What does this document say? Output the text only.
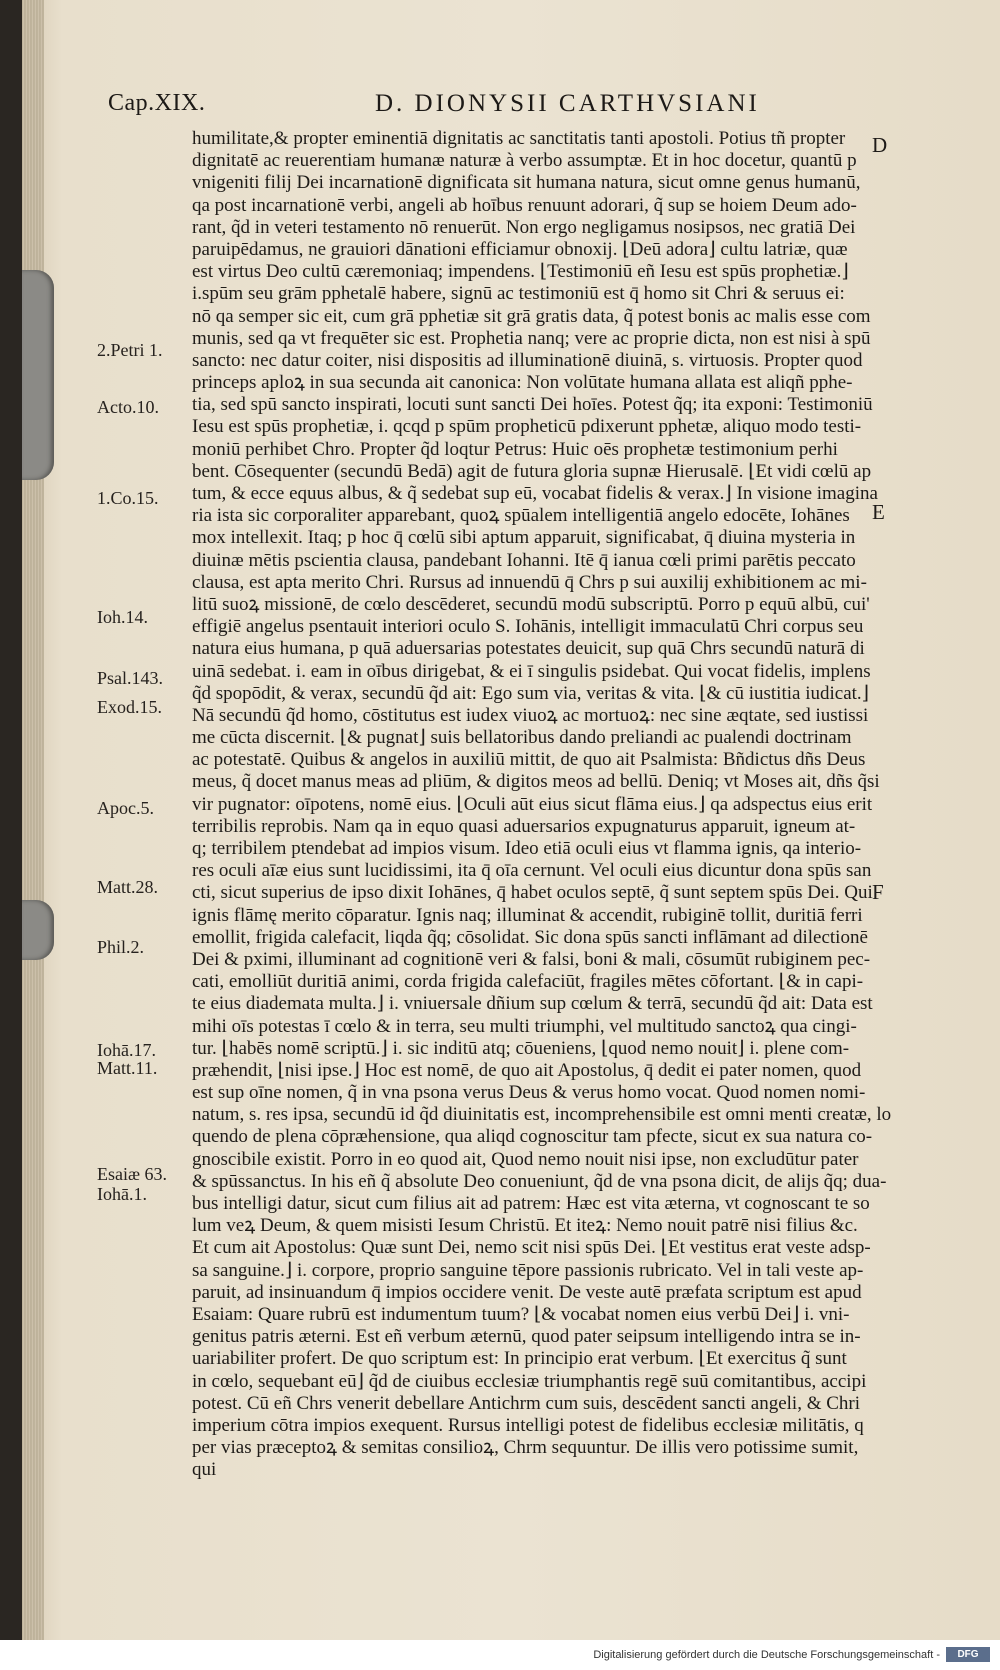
Cap.XIX.	D. DIONYSII CARTHVSIANI
humilitate,& propter eminentiā dignitatis ac sanctitatis tanti apostoli. Potius tñ propter
dignitatē ac reuerentiam humanæ naturæ à verbo assumptæ. Et in hoc docetur, quantū p
vnigeniti filij Dei incarnationē dignificata sit humana natura, sicut omne genus humanū,
qa post incarnationē verbi, angeli ab hoībus renuunt adorari, q̃ sup se hoiem Deum ado-
rant, q̃d in veteri testamento nō renuerūt. Non ergo negligamus nosipsos, nec gratiā Dei
paruipēdamus, ne grauiori dānationi efficiamur obnoxij. ⌊Deū adora⌋ cultu latriæ, quæ
est virtus Deo cultū cæremoniaq; impendens. ⌊Testimoniū eñ Iesu est spūs prophetiæ.⌋
i.spūm seu grām pphetalē habere, signū ac testimoniū est q̄ homo sit Chri & seruus ei:
nō qa semper sic eit, cum grā pphetiæ sit grā gratis data, q̃ potest bonis ac malis esse com
munis, sed qa vt frequēter sic est. Prophetia nanq; vere ac proprie dicta, non est nisi à spū
sancto: nec datur coiter, nisi dispositis ad illuminationē diuinā, s. virtuosis. Propter quod
princeps aploꝝ in sua secunda ait canonica: Non volūtate humana allata est aliqñ pphe-
tia, sed spū sancto inspirati, locuti sunt sancti Dei hoīes. Potest q̃q; ita exponi: Testimoniū
Iesu est spūs prophetiæ, i. qcqd p spūm propheticū pdixerunt pphetæ, aliquo modo testi-
moniū perhibet Chro. Propter q̃d loqtur Petrus: Huic oēs prophetæ testimonium perhi
bent. Cōsequenter (secundū Bedā) agit de futura gloria supnæ Hierusalē. ⌊Et vidi cœlū ap
tum, & ecce equus albus, & q̃ sedebat sup eū, vocabat fidelis & verax.⌋ In visione imagina
ria ista sic corporaliter apparebant, quoꝝ spūalem intelligentiā angelo edocēte, Iohānes
mox intellexit. Itaq; p hoc q̄ cœlū sibi aptum apparuit, significabat, q̄ diuina mysteria in
diuinæ mētis pscientia clausa, pandebant Iohanni. Itē q̄ ianua cœli primi parētis peccato
clausa, est apta merito Chri. Rursus ad innuendū q̄ Chrs p sui auxilij exhibitionem ac mi-
litū suoꝝ missionē, de cœlo descēderet, secundū modū subscriptū. Porro p equū albū, cui'
effigiē angelus psentauit interiori oculo S. Iohānis, intelligit immaculatū Chri corpus seu
natura eius humana, p quā aduersarias potestates deuicit, sup quā Chrs secundū naturā di
uinā sedebat. i. eam in oībus dirigebat, & ei ī singulis psidebat. Qui vocat fidelis, implens
q̃d spopōdit, & verax, secundū q̃d ait: Ego sum via, veritas & vita. ⌊& cū iustitia iudicat.⌋
Nā secundū q̃d homo, cōstitutus est iudex viuoꝝ ac mortuoꝝ: nec sine æqtate, sed iustissi
me cūcta discernit. ⌊& pugnat⌋ suis bellatoribus dando preliandi ac pualendi doctrinam
ac potestatē. Quibus & angelos in auxiliū mittit, de quo ait Psalmista: Bñdictus dñs Deus
meus, q̃ docet manus meas ad pliūm, & digitos meos ad bellū. Deniq; vt Moses ait, dñs q̃si
vir pugnator: oīpotens, nomē eius. ⌊Oculi aūt eius sicut flāma eius.⌋ qa adspectus eius erit
terribilis reprobis. Nam qa in equo quasi aduersarios expugnaturus apparuit, igneum at-
q; terribilem ptendebat ad impios visum. Ideo etiā oculi eius vt flamma ignis, qa interio-
res oculi aīæ eius sunt lucidissimi, ita q̄ oīa cernunt. Vel oculi eius dicuntur dona spūs san
cti, sicut superius de ipso dixit Iohānes, q̄ habet oculos septē, q̃ sunt septem spūs Dei. Qui
ignis flāmę merito cōparatur. Ignis naq; illuminat & accendit, rubiginē tollit, duritiā ferri
emollit, frigida calefacit, liqda q̃q; cōsolidat. Sic dona spūs sancti inflāmant ad dilectionē
Dei & pximi, illuminant ad cognitionē veri & falsi, boni & mali, cōsumūt rubiginem pec-
cati, emolliūt duritiā animi, corda frigida calefaciūt, fragiles mētes cōfortant. ⌊& in capi-
te eius diademata multa.⌋ i. vniuersale dñium sup cœlum & terrā, secundū q̃d ait: Data est
mihi oīs potestas ī cœlo & in terra, seu multi triumphi, vel multitudo sanctoꝝ qua cingi-
tur. ⌊habēs nomē scriptū.⌋ i. sic inditū atq; cōueniens, ⌊quod nemo nouit⌋ i. plene com-
præhendit, ⌊nisi ipse.⌋ Hoc est nomē, de quo ait Apostolus, q̄ dedit ei pater nomen, quod
est sup oīne nomen, q̃ in vna psona verus Deus & verus homo vocat. Quod nomen nomi-
natum, s. res ipsa, secundū id q̃d diuinitatis est, incomprehensibile est omni menti creatæ, lo
quendo de plena cōpræhensione, qua aliqd cognoscitur tam pfecte, sicut ex sua natura co-
gnoscibile existit. Porro in eo quod ait, Quod nemo nouit nisi ipse, non excludūtur pater
& spūssanctus. In his eñ q̃ absolute Deo conueniunt, q̃d de vna psona dicit, de alijs q̃q; dua-
bus intelligi datur, sicut cum filius ait ad patrem: Hæc est vita æterna, vt cognoscant te so
lum veꝝ Deum, & quem misisti Iesum Christū. Et iteꝝ: Nemo nouit patrē nisi filius &c.
Et cum ait Apostolus: Quæ sunt Dei, nemo scit nisi spūs Dei. ⌊Et vestitus erat veste adsp-
sa sanguine.⌋ i. corpore, proprio sanguine tēpore passionis rubricato. Vel in tali veste ap-
paruit, ad insinuandum q̄ impios occidere venit. De veste autē præfata scriptum est apud
Esaiam: Quare rubrū est indumentum tuum? ⌊& vocabat nomen eius verbū Dei⌋ i. vni-
genitus patris æterni. Est eñ verbum æternū, quod pater seipsum intelligendo intra se in-
uariabiliter profert. De quo scriptum est: In principio erat verbum. ⌊Et exercitus q̃ sunt
in cœlo, sequebant eū⌋ q̃d de ciuibus ecclesiæ triumphantis regē suū comitantibus, accipi
potest. Cū eñ Chrs venerit debellare Antichrm cum suis, descēdent sancti angeli, & Chri
imperium cōtra impios exequent. Rursus intelligi potest de fidelibus ecclesiæ militātis, q
per vias præceptoꝝ & semitas consilioꝝ, Chrm sequuntur. De illis vero potissime sumit,
qui
2.Petri 1.
Acto.10.
1.Co.15.
Ioh.14.
Psal.143.
Exod.15.
Apoc.5.
Matt.28.
Phil.2.
Iohā.17.
Matt.11.
Esaiæ 63.
Iohā.1.
D
E
F
Digitalisierung gefördert durch die Deutsche Forschungsgemeinschaft -	DFG
